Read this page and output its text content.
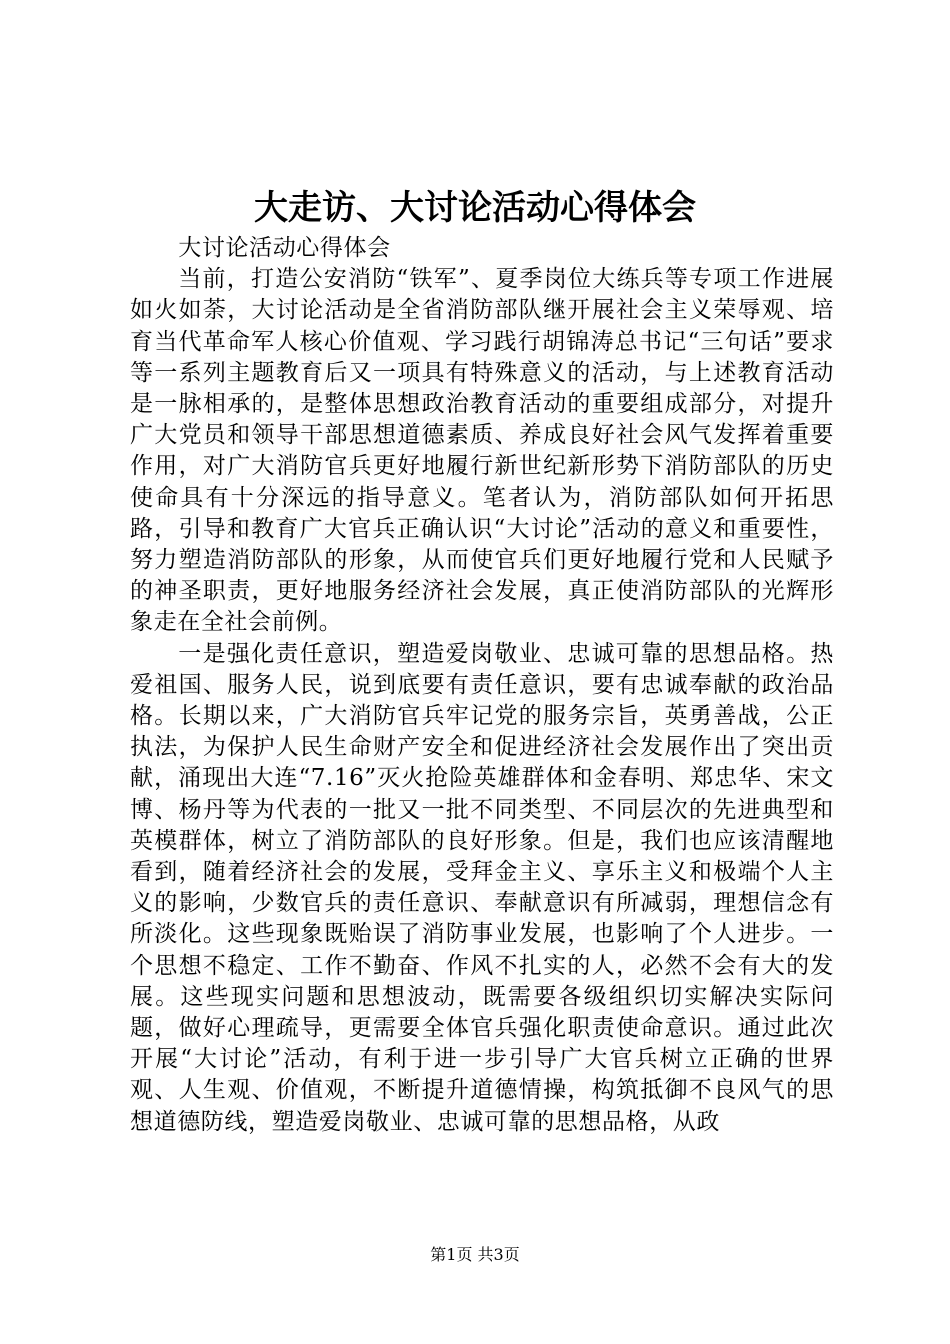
大走访、大讨论活动心得体会

大讨论活动心得体会

当前，打造公安消防“铁军”、夏季岗位大练兵等专项工作进展如火如荼，大讨论活动是全省消防部队继开展社会主义荣辱观、培育当代革命军人核心价值观、学习践行胡锦涛总书记“三句话”要求等一系列主题教育后又一项具有特殊意义的活动，与上述教育活动是一脉相承的，是整体思想政治教育活动的重要组成部分，对提升广大党员和领导干部思想道德素质、养成良好社会风气发挥着重要作用，对广大消防官兵更好地履行新世纪新形势下消防部队的历史使命具有十分深远的指导意义。笔者认为，消防部队如何开拓思路，引导和教育广大官兵正确认识“大讨论”活动的意义和重要性，努力塑造消防部队的形象，从而使官兵们更好地履行党和人民赋予的神圣职责，更好地服务经济社会发展，真正使消防部队的光辉形象走在全社会前例。

一是强化责任意识，塑造爱岗敬业、忠诚可靠的思想品格。热爱祖国、服务人民，说到底要有责任意识，要有忠诚奉献的政治品格。长期以来，广大消防官兵牢记党的服务宗旨，英勇善战，公正执法，为保护人民生命财产安全和促进经济社会发展作出了突出贡献，涌现出大连“7.16”灭火抢险英雄群体和金春明、郑忠华、宋文博、杨丹等为代表的一批又一批不同类型、不同层次的先进典型和英模群体，树立了消防部队的良好形象。但是，我们也应该清醒地看到，随着经济社会的发展，受拜金主义、享乐主义和极端个人主义的影响，少数官兵的责任意识、奉献意识有所减弱，理想信念有所淡化。这些现象既贻误了消防事业发展，也影响了个人进步。一个思想不稳定、工作不勤奋、作风不扎实的人，必然不会有大的发展。这些现实问题和思想波动，既需要各级组织切实解决实际问题，做好心理疏导，更需要全体官兵强化职责使命意识。通过此次开展“大讨论”活动，有利于进一步引导广大官兵树立正确的世界观、人生观、价值观，不断提升道德情操，构筑抵御不良风气的思想道德防线，塑造爱岗敬业、忠诚可靠的思想品格，从政

第1页 共3页
